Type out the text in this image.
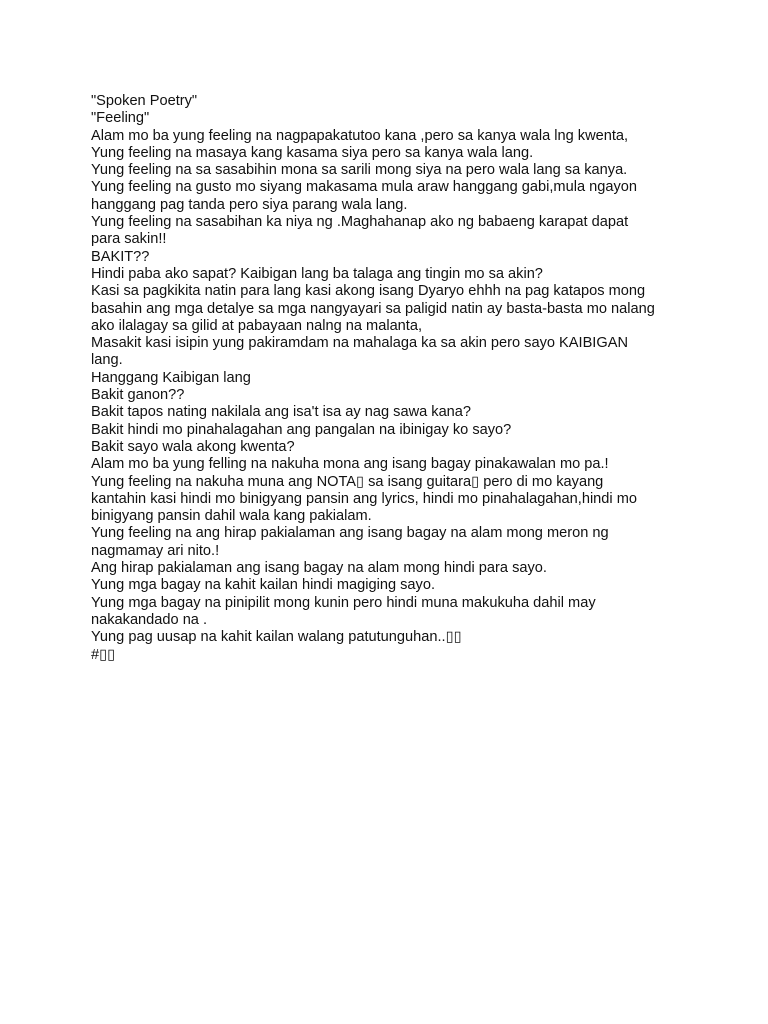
"Spoken Poetry"
"Feeling"
Alam mo ba yung feeling na nagpapakatutoo kana ,pero sa kanya wala lng kwenta,
Yung feeling na masaya kang kasama siya pero sa kanya wala lang.
Yung feeling na sa sasabihin mona sa sarili mong siya na pero wala lang sa kanya.
Yung feeling na gusto mo siyang makasama mula araw hanggang gabi,mula ngayon
hanggang pag tanda pero siya parang wala lang.
Yung feeling na sasabihan ka niya ng .Maghahanap ako ng babaeng karapat dapat
para sakin!!
BAKIT??
Hindi paba ako sapat? Kaibigan lang ba talaga ang tingin mo sa akin?
Kasi sa pagkikita natin para lang kasi akong isang Dyaryo ehhh na pag katapos mong
basahin ang mga detalye sa mga nangyayari sa paligid natin ay basta-basta mo nalang
ako ilalagay sa gilid at pabayaan nalng na malanta,
Masakit kasi isipin yung pakiramdam na mahalaga ka sa akin pero sayo KAIBIGAN
lang.
Hanggang Kaibigan lang
Bakit ganon??
Bakit tapos nating nakilala ang isa't isa ay nag sawa kana?
Bakit hindi mo pinahalagahan ang pangalan na ibinigay ko sayo?
Bakit sayo wala akong kwenta?
Alam mo ba yung felling na nakuha mona ang isang bagay pinakawalan mo pa.!
Yung feeling na nakuha muna ang NOTA▯ sa isang guitara▯ pero di mo kayang
kantahin kasi hindi mo binigyang pansin ang lyrics, hindi mo pinahalagahan,hindi mo
binigyang pansin dahil wala kang pakialam.
Yung feeling na ang hirap pakialaman ang isang bagay na alam mong meron ng
nagmamay ari nito.!
Ang hirap pakialaman ang isang bagay na alam mong hindi para sayo.
Yung mga bagay na kahit kailan hindi magiging sayo.
Yung mga bagay na pinipilit mong kunin pero hindi muna makukuha dahil may
nakakandado na .
Yung pag uusap na kahit kailan walang patutunguhan..▯▯
#▯▯
